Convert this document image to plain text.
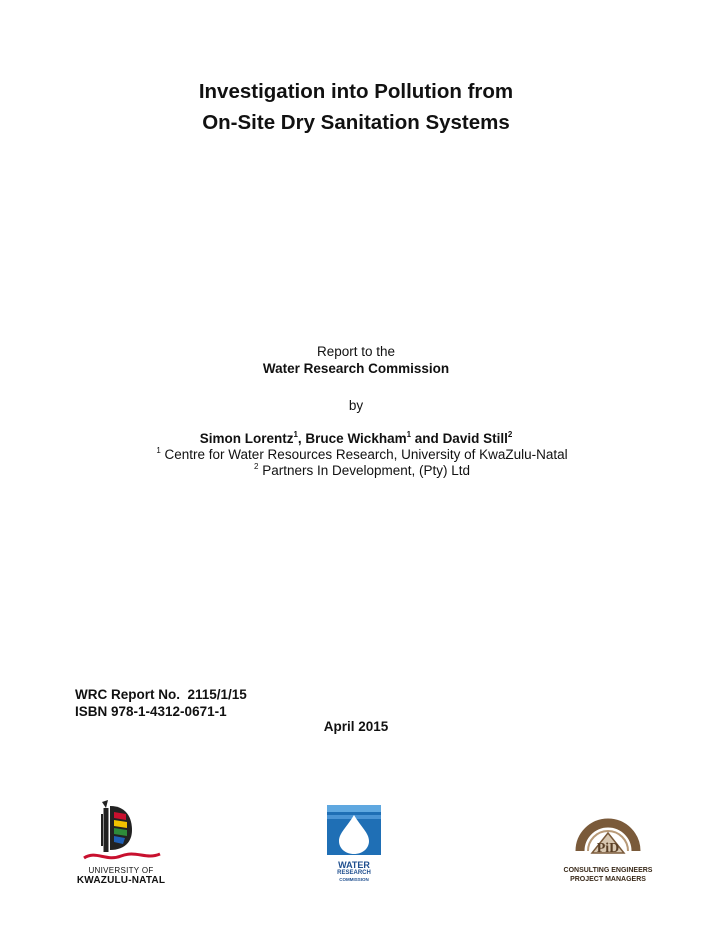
Investigation into Pollution from
On-Site Dry Sanitation Systems
Report to the
Water Research Commission
by
Simon Lorentz$^1$, Bruce Wickham$^1$ and David Still$^2$
$^1$ Centre for Water Resources Research, University of KwaZulu-Natal
$^2$ Partners In Development, (Pty) Ltd
WRC Report No.  2115/1/15
ISBN 978-1-4312-0671-1
April 2015
UNIVERSITY OF
KWAZULU-NATAL
WATER
RESEARCH
COMMISSION
PiD
CONSULTING ENGINEERS
PROJECT MANAGERS
